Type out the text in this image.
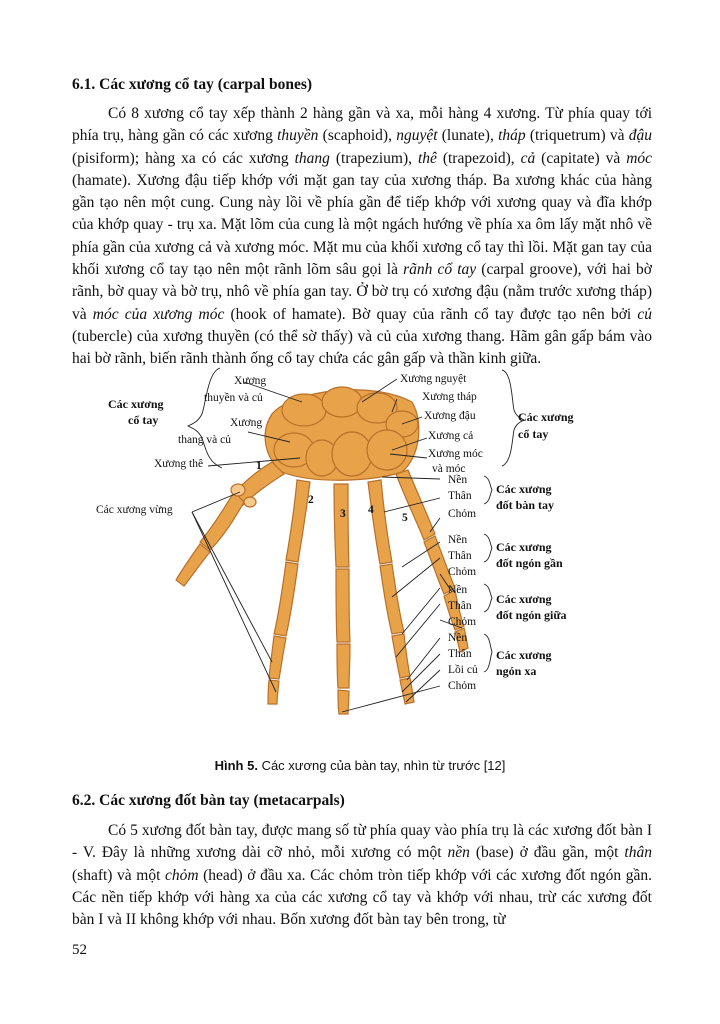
6.1. Các xương cổ tay (carpal bones)

Có 8 xương cổ tay xếp thành 2 hàng gần và xa, mỗi hàng 4 xương. Từ phía quay tới phía trụ, hàng gần có các xương thuyền (scaphoid), nguyệt (lunate), tháp (triquetrum) và đậu (pisiform); hàng xa có các xương thang (trapezium), thê (trapezoid), cả (capitate) và móc (hamate). Xương đậu tiếp khớp với mặt gan tay của xương tháp. Ba xương khác của hàng gần tạo nên một cung. Cung này lồi về phía gần để tiếp khớp với xương quay và đĩa khớp của khớp quay - trụ xa. Mặt lõm của cung là một ngách hướng về phía xa ôm lấy mặt nhô về phía gần của xương cả và xương móc. Mặt mu của khối xương cổ tay thì lồi. Mặt gan tay của khối xương cổ tay tạo nên một rãnh lõm sâu gọi là rãnh cổ tay (carpal groove), với hai bờ rãnh, bờ quay và bờ trụ, nhô về phía gan tay. Ở bờ trụ có xương đậu (nằm trước xương tháp) và móc của xương móc (hook of hamate). Bờ quay của rãnh cổ tay được tạo nên bởi củ (tubercle) của xương thuyền (có thể sờ thấy) và củ của xương thang. Hãm gân gấp bám vào hai bờ rãnh, biến rãnh thành ống cổ tay chứa các gân gấp và thần kinh giữa.

Xương
thuyền và củ
Các xương
cổ tay	Xương
thang và củ
Xương thê
Các xương vừng
1
2
3 4
5
Xương nguyệt
Xương tháp
Xương đậu
Xương cả
Xương móc
và móc
Các xương
cổ tay
Nền
Thân
Chỏm
Các xương
đốt bàn tay
Nền
Thân
Chỏm
Các xương
đốt ngón gần
Nền
Thân
Chỏm
Các xương
đốt ngón giữa
Nền
Thân
Lồi củ
Chỏm
Các xương
ngón xa
Hình 5. Các xương của bàn tay, nhìn từ trước [12]
6.2. Các xương đốt bàn tay (metacarpals)

Có 5 xương đốt bàn tay, được mang số từ phía quay vào phía trụ là các xương đốt bàn I - V. Đây là những xương dài cỡ nhỏ, mỗi xương có một nền (base) ở đầu gần, một thân (shaft) và một chỏm (head) ở đầu xa. Các chỏm tròn tiếp khớp với các xương đốt ngón gần. Các nền tiếp khớp với hàng xa của các xương cổ tay và khớp với nhau, trừ các xương đốt bàn I và II không khớp với nhau. Bốn xương đốt bàn tay bên trong, từ

52
